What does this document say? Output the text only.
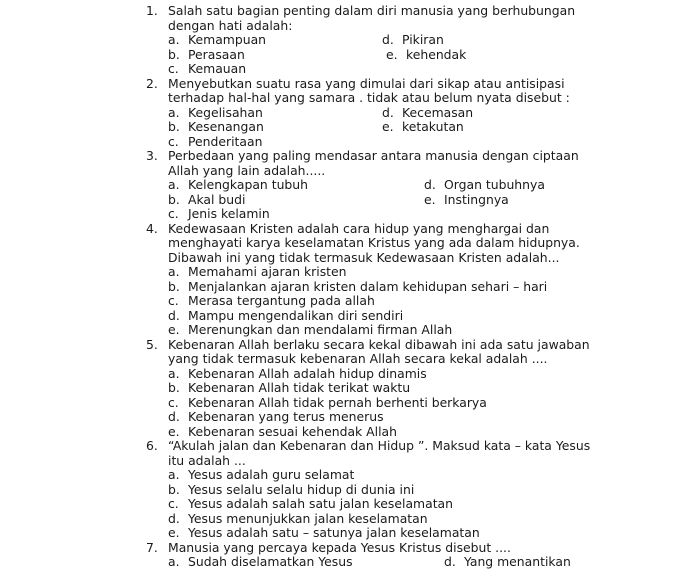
1. Salah satu bagian penting dalam diri manusia yang berhubungan
dengan hati adalah:
a. Kemampuan	d. Pikiran
b. Perasaan	e. kehendak
c. Kemauan
2. Menyebutkan suatu rasa yang dimulai dari sikap atau antisipasi
terhadap hal-hal yang samara . tidak atau belum nyata disebut :
a. Kegelisahan	d. Kecemasan
b. Kesenangan	e. ketakutan
c. Penderitaan
3. Perbedaan yang paling mendasar antara manusia dengan ciptaan
Allah yang lain adalah.....
a. Kelengkapan tubuh	d. Organ tubuhnya
b. Akal budi	e. Instingnya
c. Jenis kelamin
4. Kedewasaan Kristen adalah cara hidup yang menghargai dan
menghayati karya keselamatan Kristus yang ada dalam hidupnya.
Dibawah ini yang tidak termasuk Kedewasaan Kristen adalah...
a. Memahami ajaran kristen
b. Menjalankan ajaran kristen dalam kehidupan sehari – hari
c. Merasa tergantung pada allah
d. Mampu mengendalikan diri sendiri
e. Merenungkan dan mendalami firman Allah
5. Kebenaran Allah berlaku secara kekal dibawah ini ada satu jawaban
yang tidak termasuk kebenaran Allah secara kekal adalah ....
a. Kebenaran Allah adalah hidup dinamis
b. Kebenaran Allah tidak terikat waktu
c. Kebenaran Allah tidak pernah berhenti berkarya
d. Kebenaran yang terus menerus
e. Kebenaran sesuai kehendak Allah
6. “Akulah jalan dan Kebenaran dan Hidup ”. Maksud kata – kata Yesus
itu adalah ...
a. Yesus adalah guru selamat
b. Yesus selalu selalu hidup di dunia ini
c. Yesus adalah salah satu jalan keselamatan
d. Yesus menunjukkan jalan keselamatan
e. Yesus adalah satu – satunya jalan keselamatan
7. Manusia yang percaya kepada Yesus Kristus disebut ....
a. Sudah diselamatkan Yesus	d. Yang menantikan
